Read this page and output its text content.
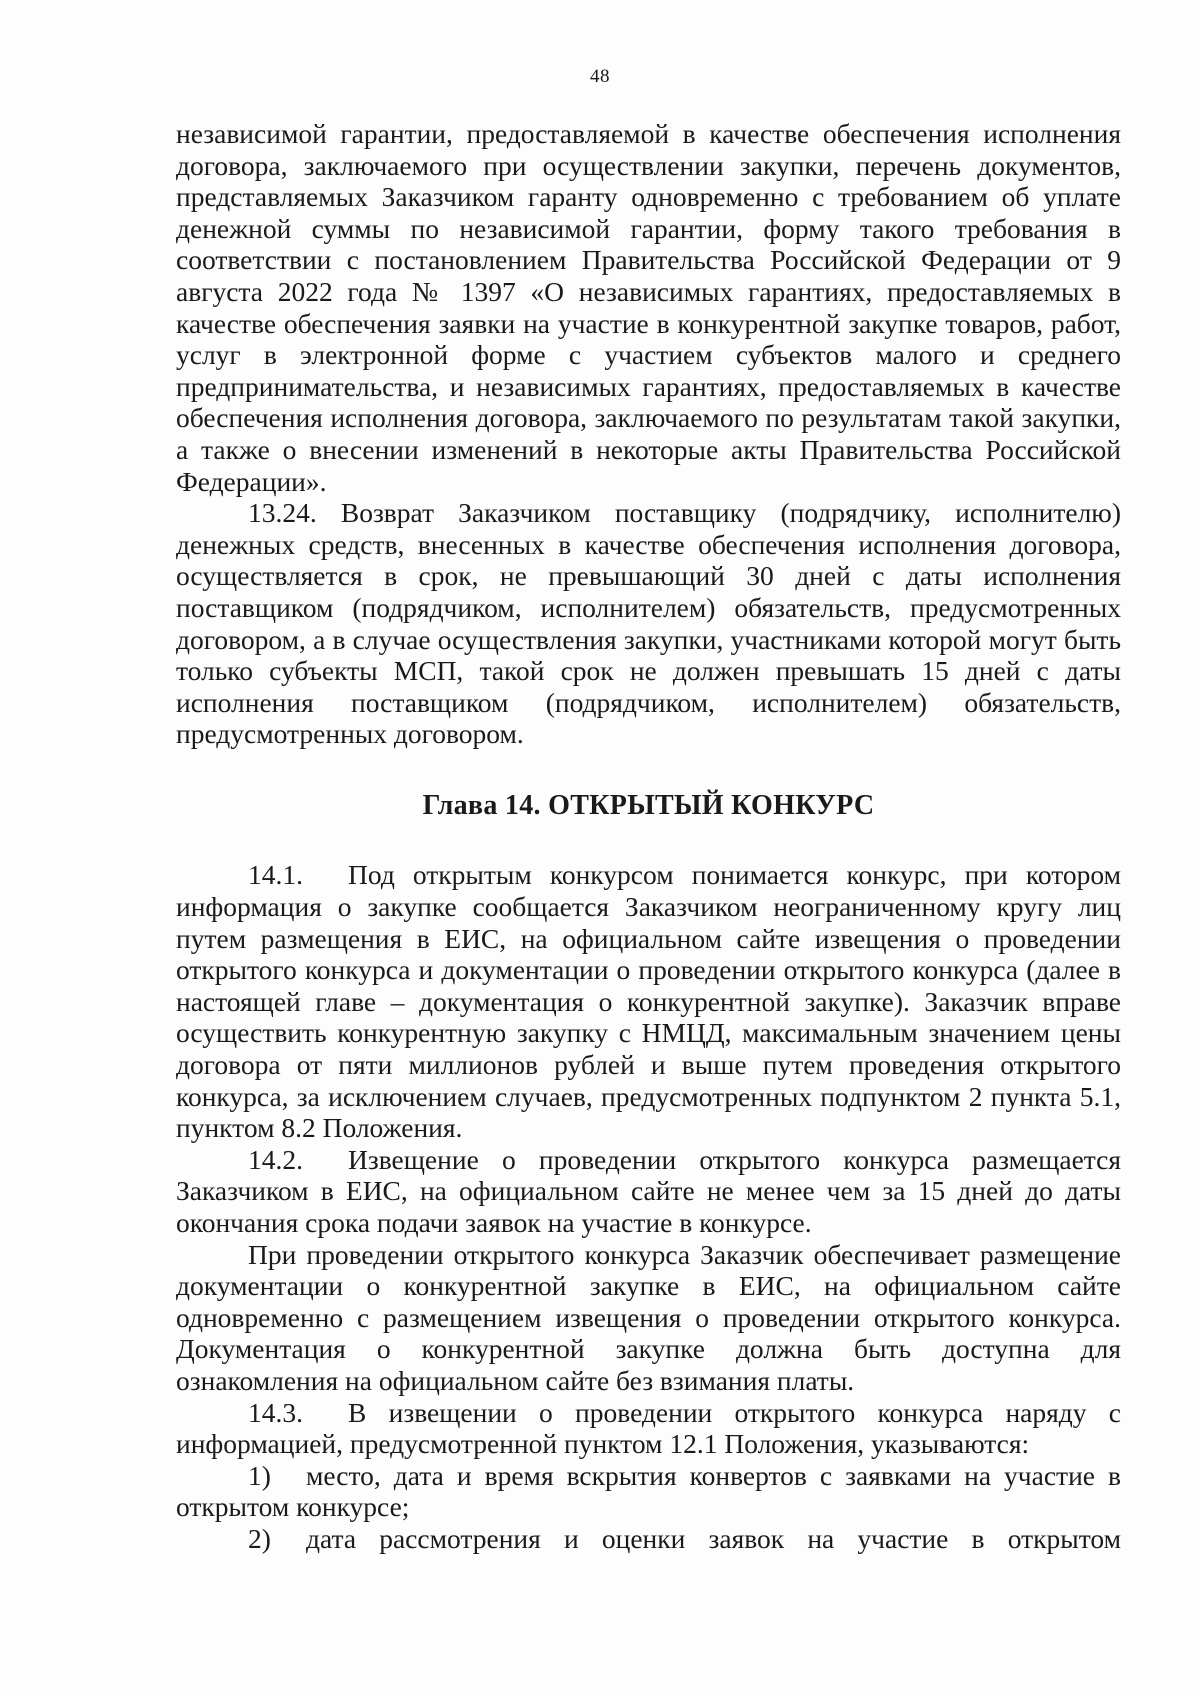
48

независимой гарантии, предоставляемой в качестве обеспечения исполнения договора, заключаемого при осуществлении закупки, перечень документов, представляемых Заказчиком гаранту одновременно с требованием об уплате денежной суммы по независимой гарантии, форму такого требования в соответствии с постановлением Правительства Российской Федерации от 9 августа 2022 года № 1397 «О независимых гарантиях, предоставляемых в качестве обеспечения заявки на участие в конкурентной закупке товаров, работ, услуг в электронной форме с участием субъектов малого и среднего предпринимательства, и независимых гарантиях, предоставляемых в качестве обеспечения исполнения договора, заключаемого по результатам такой закупки, а также о внесении изменений в некоторые акты Правительства Российской Федерации».

13.24. Возврат Заказчиком поставщику (подрядчику, исполнителю) денежных средств, внесенных в качестве обеспечения исполнения договора, осуществляется в срок, не превышающий 30 дней с даты исполнения поставщиком (подрядчиком, исполнителем) обязательств, предусмотренных договором, а в случае осуществления закупки, участниками которой могут быть только субъекты МСП, такой срок не должен превышать 15 дней с даты исполнения поставщиком (подрядчиком, исполнителем) обязательств, предусмотренных договором.

Глава 14. ОТКРЫТЫЙ КОНКУРС

14.1. Под открытым конкурсом понимается конкурс, при котором информация о закупке сообщается Заказчиком неограниченному кругу лиц путем размещения в ЕИС, на официальном сайте извещения о проведении открытого конкурса и документации о проведении открытого конкурса (далее в настоящей главе – документация о конкурентной закупке). Заказчик вправе осуществить конкурентную закупку с НМЦД, максимальным значением цены договора от пяти миллионов рублей и выше путем проведения открытого конкурса, за исключением случаев, предусмотренных подпунктом 2 пункта 5.1, пунктом 8.2 Положения.

14.2. Извещение о проведении открытого конкурса размещается Заказчиком в ЕИС, на официальном сайте не менее чем за 15 дней до даты окончания срока подачи заявок на участие в конкурсе.

При проведении открытого конкурса Заказчик обеспечивает размещение документации о конкурентной закупке в ЕИС, на официальном сайте одновременно с размещением извещения о проведении открытого конкурса. Документация о конкурентной закупке должна быть доступна для ознакомления на официальном сайте без взимания платы.

14.3. В извещении о проведении открытого конкурса наряду с информацией, предусмотренной пунктом 12.1 Положения, указываются:

1) место, дата и время вскрытия конвертов с заявками на участие в открытом конкурсе;

2) дата рассмотрения и оценки заявок на участие в открытом
